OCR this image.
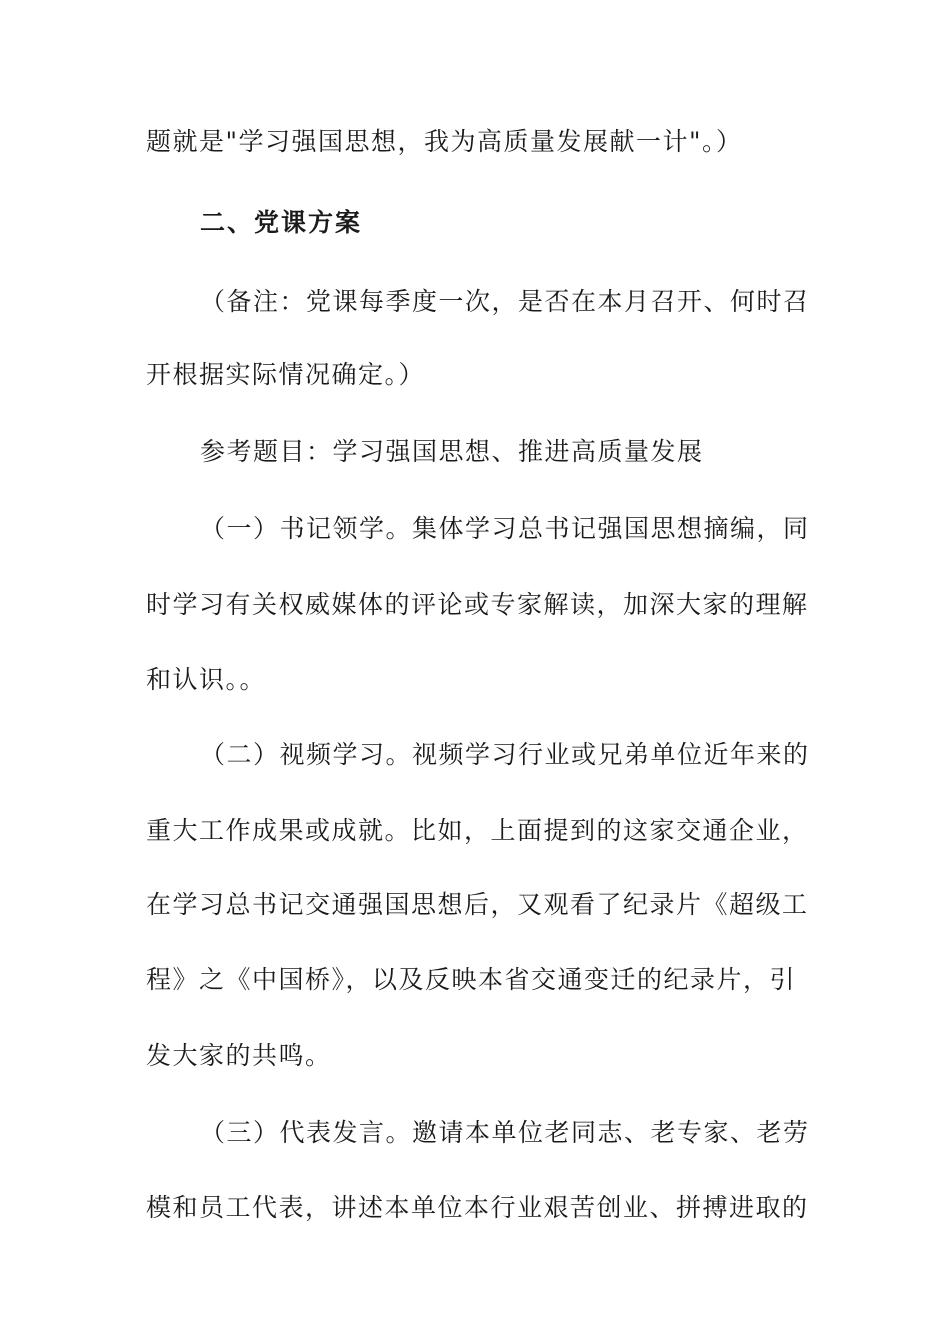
题就是"学习强国思想，我为高质量发展献一计"。）
二、党课方案
（备注：党课每季度一次，是否在本月召开、何时召
开根据实际情况确定。）
参考题目：学习强国思想、推进高质量发展
（一）书记领学。集体学习总书记强国思想摘编，同
时学习有关权威媒体的评论或专家解读，加深大家的理解
和认识。。
（二）视频学习。视频学习行业或兄弟单位近年来的
重大工作成果或成就。比如，上面提到的这家交通企业，
在学习总书记交通强国思想后，又观看了纪录片《超级工
程》之《中国桥》，以及反映本省交通变迁的纪录片，引
发大家的共鸣。
（三）代表发言。邀请本单位老同志、老专家、老劳
模和员工代表，讲述本单位本行业艰苦创业、拼搏进取的
